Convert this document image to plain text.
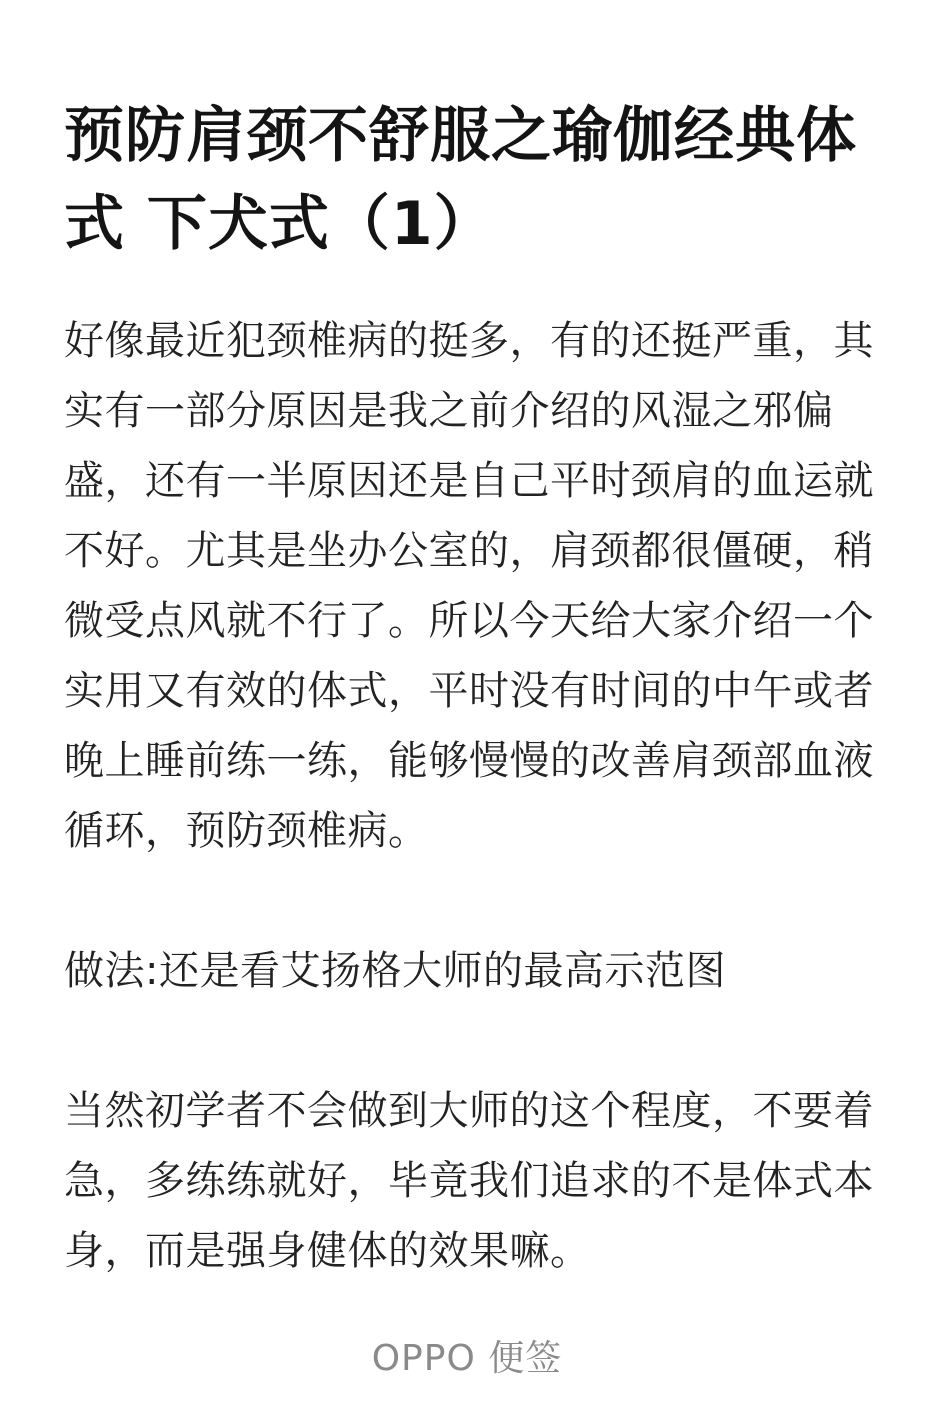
预防肩颈不舒服之瑜伽经典体式 下犬式（1）

好像最近犯颈椎病的挺多，有的还挺严重，其实有一部分原因是我之前介绍的风湿之邪偏盛，还有一半原因还是自己平时颈肩的血运就不好。尤其是坐办公室的，肩颈都很僵硬，稍微受点风就不行了。所以今天给大家介绍一个实用又有效的体式，平时没有时间的中午或者晚上睡前练一练，能够慢慢的改善肩颈部血液循环，预防颈椎病。

做法:还是看艾扬格大师的最高示范图

当然初学者不会做到大师的这个程度，不要着急，多练练就好，毕竟我们追求的不是体式本身，而是强身健体的效果嘛。

OPPO 便签
